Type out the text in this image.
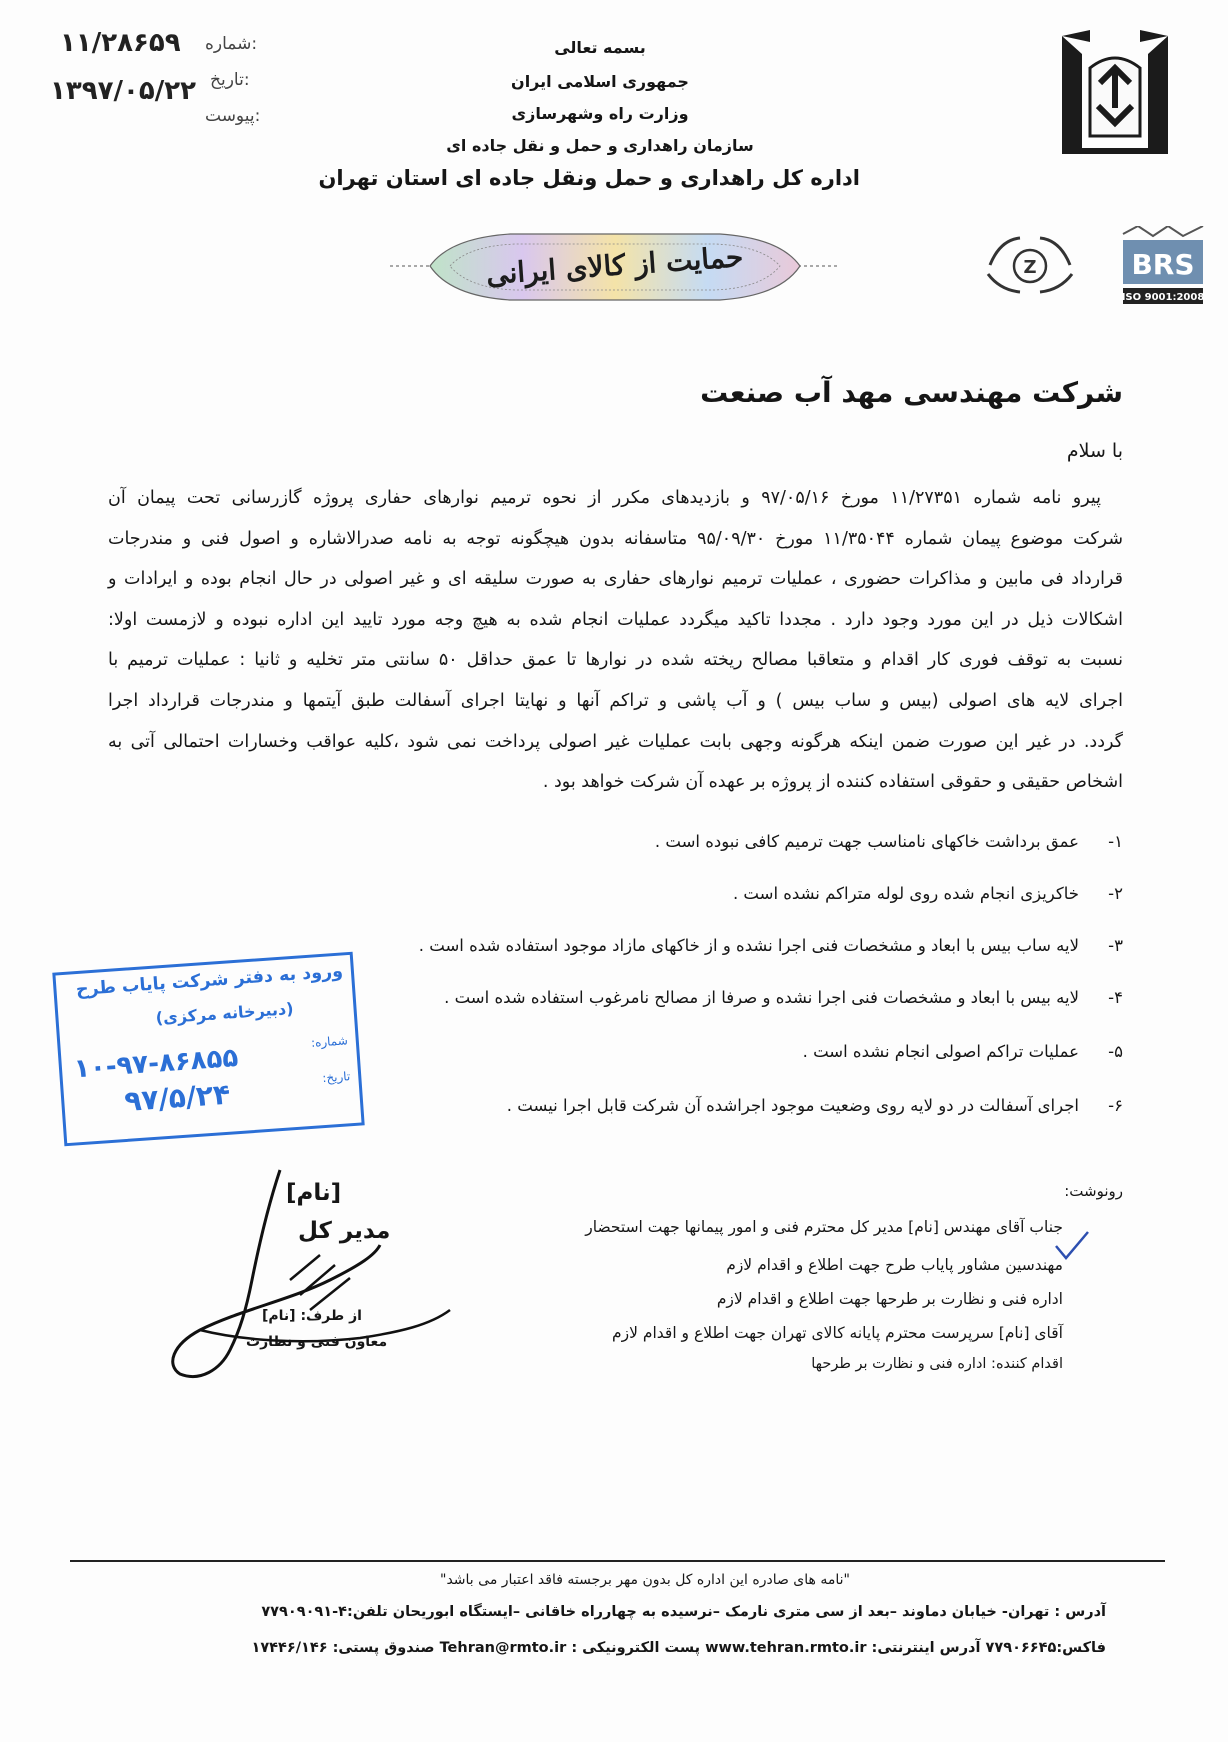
۱۱/۲۸۶۵۹ شماره:
۱۳۹۷/۰۵/۲۲ تاریخ:
پیوست:
بسمه تعالی
جمهوری اسلامی ایران
وزارت راه وشهرسازی
سازمان راهداری و حمل و نقل جاده ای
اداره کل راهداری و حمل ونقل جاده ای استان تهران
حمایت از کالای ایرانی	Z	BRS
ISO 9001:2008
شرکت مهندسی مهد آب صنعت
با سلام
پیرو نامه شماره ۱۱/۲۷۳۵۱ مورخ ۹۷/۰۵/۱۶ و بازدیدهای مکرر از نحوه ترمیم نوارهای حفاری پروژه گازرسانی تحت پیمان آن
شرکت موضوع پیمان شماره ۱۱/۳۵۰۴۴ مورخ ۹۵/۰۹/۳۰ متاسفانه بدون هیچگونه توجه به نامه صدرالاشاره و اصول فنی و مندرجات
قرارداد فی مابین و مذاکرات حضوری ، عملیات ترمیم نوارهای حفاری به صورت سلیقه ای و غیر اصولی در حال انجام بوده و ایرادات و
اشکالات ذیل در این مورد وجود دارد . مجددا تاکید میگردد عملیات انجام شده به هیچ وجه مورد تایید این اداره نبوده و لازمست اولا:
نسبت به توقف فوری کار اقدام و متعاقبا مصالح ریخته شده در نوارها تا عمق حداقل ۵۰ سانتی متر تخلیه و ثانیا : عملیات ترمیم با
اجرای لایه های اصولی (بیس و ساب بیس ) و آب پاشی و تراکم آنها و نهایتا اجرای آسفالت طبق آیتمها و مندرجات قرارداد اجرا
گردد. در غیر این صورت ضمن اینکه هرگونه وجهی بابت عملیات غیر اصولی پرداخت نمی شود ،کلیه عواقب وخسارات احتمالی آتی به
اشخاص حقیقی و حقوقی استفاده کننده از پروژه بر عهده آن شرکت خواهد بود .
۱-عمق برداشت خاکهای نامناسب جهت ترمیم کافی نبوده است .
۲-خاکریزی انجام شده روی لوله متراکم نشده است .
۳-لایه ساب بیس با ابعاد و مشخصات فنی اجرا نشده و از خاکهای مازاد موجود استفاده شده است .
۴-لایه بیس با ابعاد و مشخصات فنی اجرا نشده و صرفا از مصالح نامرغوب استفاده شده است .
۵-عملیات تراکم اصولی انجام نشده است .
۶-اجرای آسفالت در دو لایه روی وضعیت موجود اجراشده آن شرکت قابل اجرا نیست .
ورود به دفتر شرکت پایاب طرح
(دبیرخانه مرکزی)
شماره:
۱۰-۹۷-۸۶۸۵۵	تاریخ:
۹۷/۵/۲۴
[نام]
مدیر کل
از طرف: [نام]
معاون فنی و نظارت
رونوشت:
جناب آقای مهندس [نام] مدیر کل محترم فنی و امور پیمانها جهت استحضار
مهندسین مشاور پایاب طرح جهت اطلاع و اقدام لازم
اداره فنی و نظارت بر طرحها جهت اطلاع و اقدام لازم
آقای [نام] سرپرست محترم پایانه کالای تهران جهت اطلاع و اقدام لازم
اقدام کننده: اداره فنی و نظارت بر طرحها
"نامه های صادره این اداره کل بدون مهر برجسته فاقد اعتبار می باشد"
آدرس : تهران- خیابان دماوند –بعد از سی متری نارمک –نرسیده به چهارراه خاقانی –ایستگاه ابوریحان تلفن:۴-۷۷۹۰۹۰۹۱
فاکس:۷۷۹۰۶۶۴۵ آدرس اینترنتی: www.tehran.rmto.ir پست الکترونیکی : Tehran@rmto.ir صندوق پستی: ۱۷۴۴۶/۱۴۶
